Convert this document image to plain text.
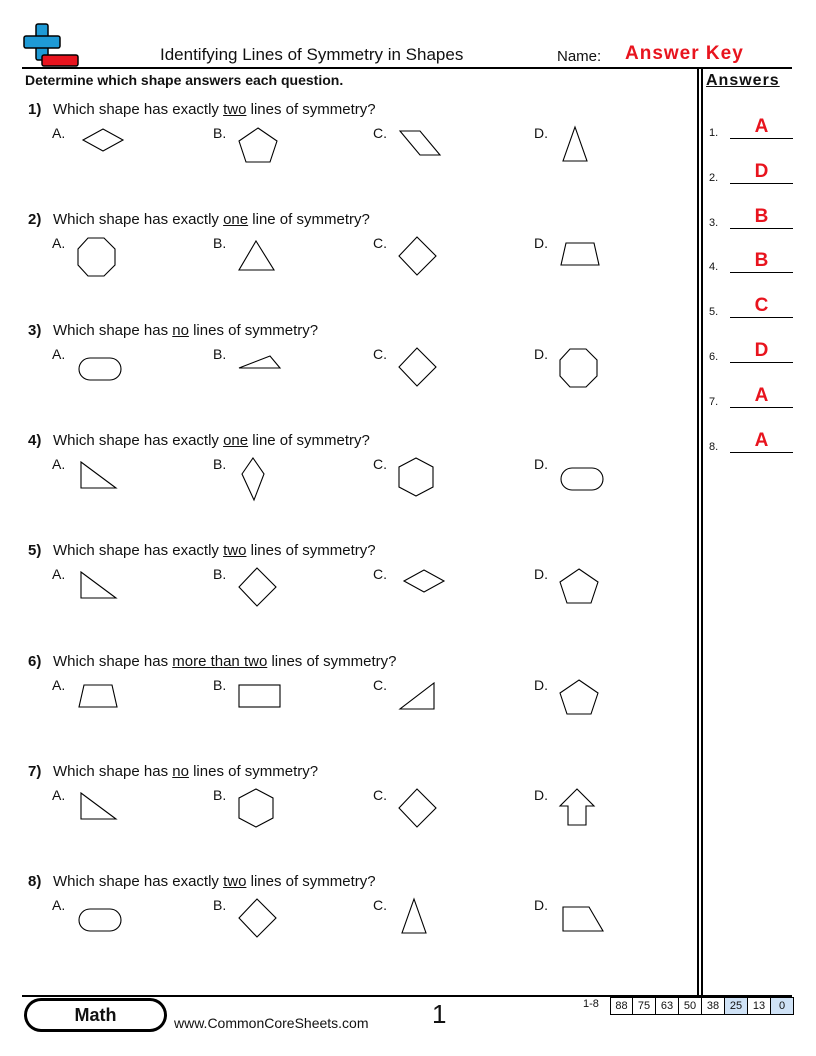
Identifying Lines of Symmetry in Shapes	Name: Answer Key
Determine which shape answers each question.
1) Which shape has exactly two lines of symmetry?
A.	B.	C.	D.
2) Which shape has exactly one line of symmetry?
A.	B.	C.	D.
3) Which shape has no lines of symmetry?
A.	B.	C.	D.
4) Which shape has exactly one line of symmetry?
A.	B.	C.	D.
5) Which shape has exactly two lines of symmetry?
A.	B.	C.	D.
6) Which shape has more than two lines of symmetry?
A.	B.	C.	D.
7) Which shape has no lines of symmetry?
A.	B.	C.	D.
8) Which shape has exactly two lines of symmetry?
A.	B.	C.	D.
Answers
1.	A
2.	D
3.	B
4.	B
5.	C
6.	D
7.	A
8.	A
Math	www.CommonCoreSheets.com 1	1-8	88 75 63 50 38 25 13	0
